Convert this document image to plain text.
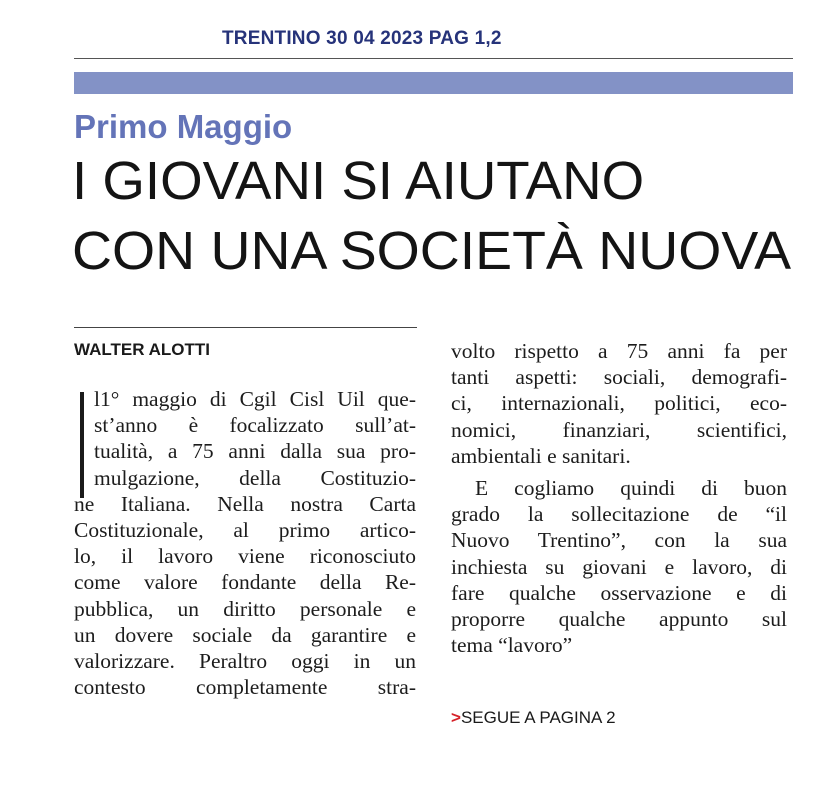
TRENTINO 30 04 2023 PAG 1,2
Primo Maggio
I GIOVANI SI AIUTANO
CON UNA SOCIETÀ NUOVA
WALTER ALOTTI
l1° maggio di Cgil Cisl Uil que-
st’anno è focalizzato sull’at-
tualità, a 75 anni dalla sua pro-
mulgazione, della Costituzio-
ne Italiana. Nella nostra Carta
Costituzionale, al primo artico-
lo, il lavoro viene riconosciuto
come valore fondante della Re-
pubblica, un diritto personale e
un dovere sociale da garantire e
valorizzare. Peraltro oggi in un
contesto completamente stra-
volto rispetto a 75 anni fa per
tanti aspetti: sociali, demografi-
ci, internazionali, politici, eco-
nomici, finanziari, scientifici,
ambientali e sanitari.
E cogliamo quindi di buon
grado la sollecitazione de “il
Nuovo Trentino”, con la sua
inchiesta su giovani e lavoro, di
fare qualche osservazione e di
proporre qualche appunto sul
tema “lavoro”
>SEGUE A PAGINA 2
